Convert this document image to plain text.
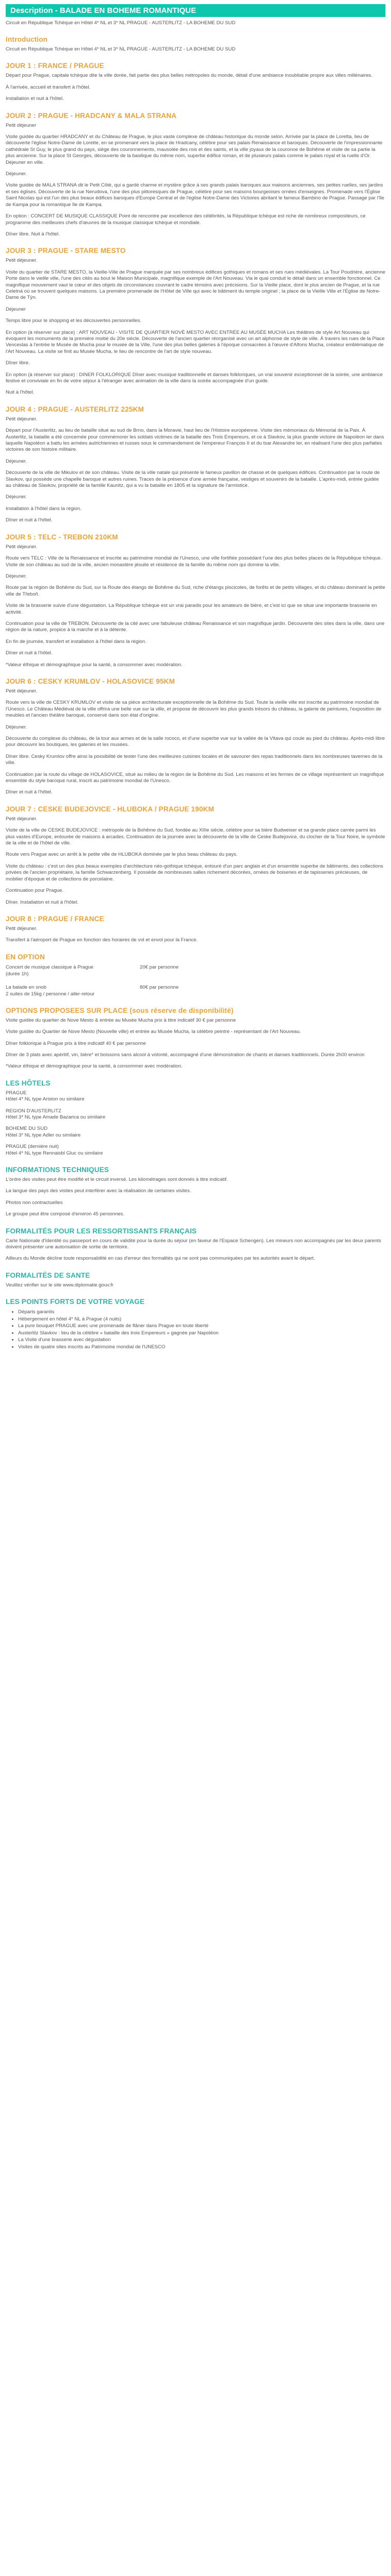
Description - BALADE EN BOHEME ROMANTIQUE
Circuit en République Tchèque en Hôtel 4* NL et 3* NL PRAGUE - AUSTERLITZ - LA BOHEME DU SUD
Introduction

Circuit en République Tchèque en Hôtel 4* NL et 3* NL PRAGUE - AUSTERLITZ - LA BOHEME DU SUD

JOUR 1 : FRANCE / PRAGUE

Départ pour Prague, capitale tchèque dite la ville dorée, fait partie des plus belles métropoles du monde, détail d'une ambiance inoubliable propre aux villes millénaires.

À l'arrivée, accueil et transfert à l'hôtel.

Installation et nuit à l'hôtel.

JOUR 2 : PRAGUE - HRADCANY & MALA STRANA

Petit déjeuner

Visite guidée du quartier HRADCANY et du Château de Prague, le plus vaste complexe de château historique du monde selon. Arrivée par la place de Loretta, lieu de découverte l'église Notre-Dame de Lorette, en se promenant vers la place de Hradcany, célèbre pour ses palais Renaissance et baroques. Découverte de l'impressionnante cathédrale St Guy, le plus grand du pays, siège des couronnements, mausolée des rois et des saints, et la ville joyaux de la couronne de Bohême et visite de sa partie la plus ancienne. Sur la place St Georges, découverte de la basilique du même nom, superbe édifice roman, et de plusieurs palais comme le palais royal et la ruelle d'Or. Déjeuner en ville.

Déjeuner.

Visite guidée de MALA STRANA dit le Petit Côté, qui a gardé charme et mystère grâce à ses grands palais baroques aux maisons anciennes, ses petites ruelles, ses jardins et ses églises. Découverte de la rue Nerudova, l'une des plus pittoresques de Prague, célèbre pour ses maisons bourgeoises ornées d'enseignes. Promenade vers l'Église Saint Nicolas qui est l'un des plus beaux édifices baroques d'Europe Central et de l'église Notre-Dame des Victoires abritant le fameux Bambino de Prague. Passage par l'île de Kampa pour la romantique île de Kampa.

En option : CONCERT DE MUSIQUE CLASSIQUE Point de rencontre par excellence des célébrités, la République tchèque est riche de nombreux compositeurs, ce programme des meilleures chefs d'œuvres de la musique classique tchèque et mondiale.

Dîner libre. Nuit à l'hôtel.

JOUR 3 : PRAGUE - STARE MESTO

Petit déjeuner.

Visite du quartier de STARE MESTO, la Vieille-Ville de Prague marquée par ses nombreux édifices gothiques et romans et ses rues médiévales. La Tour Poudrière, ancienne Porte dans le vieille ville, l'une des cités au bout le Maison Municipale, magnifique exemple de l'Art Nouveau. Via le quai conduit le détail dans un ensemble fonctionnel. Ce magnifique mouvement vaut le cœur et des objets de circonstances couvrant le cadre témoins avec précisions. Sur la Vieille place, dont le plus ancien de Prague, et la rue Celetná où se trouvent quelques maisons. La première promenade de l'Hôtel de Ville qui avec le bâtiment du temple originel ; la place de la Vieille Ville et l'Église de Notre-Dame de Týn.

Déjeuner

Temps libre pour le shopping et les découvertes personnelles.

En option (à réserver sur place) : ART NOUVEAU - VISITE DE QUARTIER NOVÉ MESTO AVEC ENTRÉE AU MUSÉE MUCHA Les théâtres de style Art Nouveau qui évoquent les monuments de la première moitié du 20e siècle. Découverte de l'ancien quartier réorganisé avec un art alphonse de style de ville. À travers les rues de la Place Venceslas à l'entrée le Musée de Mucha pour le musée de la Ville, l'une des plus belles galeries à l'époque consacrées à l'œuvre d'Alfons Mucha, créateur emblématique de l'Art Nouveau. La visite se finit au Musée Mucha, le lieu de rencontre de l'art de style nouveau.

Dîner libre.

En option (à réserver sur place) : DINER FOLKLORIQUE Dîner avec musique traditionnelle et danses folkloriques, un vrai souvenir exceptionnel de la soirée, une ambiance festive et conviviale en fin de votre séjour à l'étranger avec animation de la ville dans la soirée accompagnée d'un guide.

Nuit à l'hôtel.

JOUR 4 : PRAGUE - AUSTERLITZ 225KM

Petit déjeuner.

Départ pour l'Austerlitz, au lieu de bataille situé au sud de Brno, dans la Moravie, haut lieu de l'Histoire européenne. Visite des mémoriaux du Mémorial de la Paix. À Austerlitz, la bataille a été concernée pour commémorer les soldats victimes de la bataille des Trois Empereurs, et ce à Slavkov, la plus grande victoire de Napoléon Ier dans laquelle Napoléon a battu les armées autrichiennes et russes sous le commandement de l'empereur François II et du tsar Alexandre Ier, en réalisant l'une des plus parfaites victoires de son histoire militaire.

Déjeuner.

Découverte de la ville de Mikulov et de son château. Visite de la ville natale qui présente le fameux pavillon de chasse et de quelques édifices. Continuation par la route de Slavkov, qui possède une chapelle baroque et autres ruines. Traces de la présence d'une armée française, vestiges et souvenirs de la bataille. L'après-midi, entrée guidée au château de Slavkov, propriété de la famille Kaunitz, qui a vu la bataille en 1805 et la signature de l'armistice.

Déjeuner.

Installation à l'hôtel dans la région.

Dîner et nuit à l'hôtel.

JOUR 5 : TELC - TREBON 210KM

Petit déjeuner.

Route vers TELC : Ville de la Renaissance et inscrite au patrimoine mondial de l'Unesco, une ville fortifiée possédant l'une des plus belles places de la République tchèque. Visite de son château au sud de la ville, ancien monastère jésuite et résidence de la famille du même nom qui domine la ville.

Déjeuner.

Route par la région de Bohême du Sud, sur la Route des étangs de Bohême du Sud, riche d'étangs piscicoles, de forêts et de petits villages, et du château dominant la petite ville de Třeboň.

Visite de la brasserie suivie d'une dégustation. La République tchèque est un vrai paradis pour les amateurs de bière, et c'est ici que se situe une importante brasserie en activité.

Continuation pour la ville de TREBON. Découverte de la cité avec une fabuleuse château Renaissance et son magnifique jardin. Découverte des sites dans la ville, dans une région de la nature, propice à la marche et à la détente.

En fin de journée, transfert et installation à l'hôtel dans la région.

Dîner et nuit à l'hôtel.

*Valeur éthique et démographique pour la santé, à consommer avec modération.

JOUR 6 : CESKY KRUMLOV - HOLASOVICE 95KM

Petit déjeuner.

Route vers la ville de CESKY KRUMLOV et visite de sa pièce architecturale exceptionnelle de la Bohême du Sud. Toute la vieille ville est inscrite au patrimoine mondial de l'Unesco. Le Château Médiéval de la ville offrira une belle vue sur la ville, et propose de découvrir les plus grands trésors du château, la galerie de peintures, l'exposition de meubles et l'ancien théâtre baroque, conservé dans son état d'origine.

Déjeuner.

Découverte du complexe du château, de la tour aux armes et de la salle rococo, et d'une superbe vue sur la vallée de la Vltava qui coule au pied du château. Après-midi libre pour découvrir les boutiques, les galeries et les musées.

Dîner libre. Cesky Krumlov offre ainsi la possibilité de tester l'une des meilleures cuisines locales et de savourer des repas traditionnels dans les nombreuses tavernes de la ville.

Continuation par la route du village de HOLASOVICE, situé au milieu de la région de la Bohême du Sud. Les maisons et les fermes de ce village représentent un magnifique ensemble du style baroque rural, inscrit au patrimoine mondial de l'Unesco.

Dîner et nuit à l'hôtel.

JOUR 7 : CESKE BUDEJOVICE - HLUBOKA / PRAGUE 190KM

Petit déjeuner.

Visite de la ville de CESKE BUDEJOVICE : métropole de la Bohême du Sud, fondée au XIIIe siècle, célèbre pour sa bière Budweiser et sa grande place carrée parmi les plus vastes d'Europe, entourée de maisons à arcades. Continuation de la journée avec la découverte de la ville de Ceske Budejovice, du clocher de la Tour Noire, le symbole de la ville et de l'hôtel de ville.

Route vers Prague avec un arrêt à le petite ville de HLUBOKA dominée par le plus beau château du pays.

Visite du château : c'est un des plus beaux exemples d'architecture néo-gothique tchèque, entouré d'un parc anglais et d'un ensemble superbe de bâtiments, des collections privées de l'ancien propriétaire, la famille Schwarzenberg. Il possède de nombreuses salles richement décorées, ornées de boiseries et de tapisseries précieuses, de mobilier d'époque et de collections de porcelaine.

Continuation pour Prague.

Dîner. Installation et nuit à l'hôtel.

JOUR 8 : PRAGUE / FRANCE

Petit déjeuner.

Transfert à l'aéroport de Prague en fonction des horaires de vol et envol pour la France.

EN OPTION
Concert de musique classique à Prague	20€ par personne
(durée 1h)

La balade en snob	80€ par personne
2 suites de 15kg / personne / aller-retour
OPTIONS PROPOSEES SUR PLACE (sous réserve de disponibilité)

Visite guidée du quartier de Nove Mesto & entrée au Musée Mucha prix à titre indicatif 30 € par personne

Visite guidée du Quartier de Nove Mesto (Nouvelle ville) et entrée au Musée Mucha, la célèbre peintre - représentant de l'Art Nouveau.

Dîner folklorique à Prague prix à titre indicatif 40 € par personne

Dîner de 3 plats avec apéritif, vin, bière* et boissons sans alcool à volonté, accompagné d'une démonstration de chants et danses traditionnels. Durée 2h00 environ

*Valeur éthique et démographique pour la santé, à consommer avec modération.

LES HÔTELS
PRAGUE
Hôtel 4* NL type Ariston ou similaire
REGION D'AUSTERLITZ
Hôtel 3* NL type Amade Bazarica ou similaire
BOHEME DU SUD
Hôtel 3* NL type Adler ou similaire
PRAGUE (dernière nuit)
Hôtel 4* NL type Rennaisbl Gluc ou similaire
INFORMATIONS TECHNIQUES

L'ordre des visites peut être modifié et le circuit inversé. Les kilométrages sont donnés à titre indicatif.

La langue des pays des visites peut interférer avec la réalisation de certaines visites.

Photos non contractuelles

Le groupe peut être composé d'environ 45 personnes.

FORMALITÉS POUR LES RESSORTISSANTS FRANÇAIS

Carte Nationale d'Identité ou passeport en cours de validité pour la durée du séjour (en faveur de l'Espace Schengen). Les mineurs non accompagnés par les deux parents doivent présenter une autorisation de sortie de territoire.

Ailleurs du Monde décline toute responsabilité en cas d'erreur des formalités qui ne sont pas communiquées par les autorités avant le départ.

FORMALITÉS DE SANTE

Veuillez vérifier sur le site www.diplomatie.gouv.fr

LES POINTS FORTS DE VOTRE VOYAGE
• Départs garantis
• Hébergement en hôtel 4* NL à Prague (4 nuits)
• La pure bouquet PRAGUE avec une promenade de flâner dans Prague en toute liberté
• Austerlitz Slavkov : lieu de la célèbre « bataille des trois Empereurs » gagnée par Napoléon
• La Visite d'une brasserie avec dégustation
• Visites de quatre sites inscrits au Patrimoine mondial de l'UNESCO
